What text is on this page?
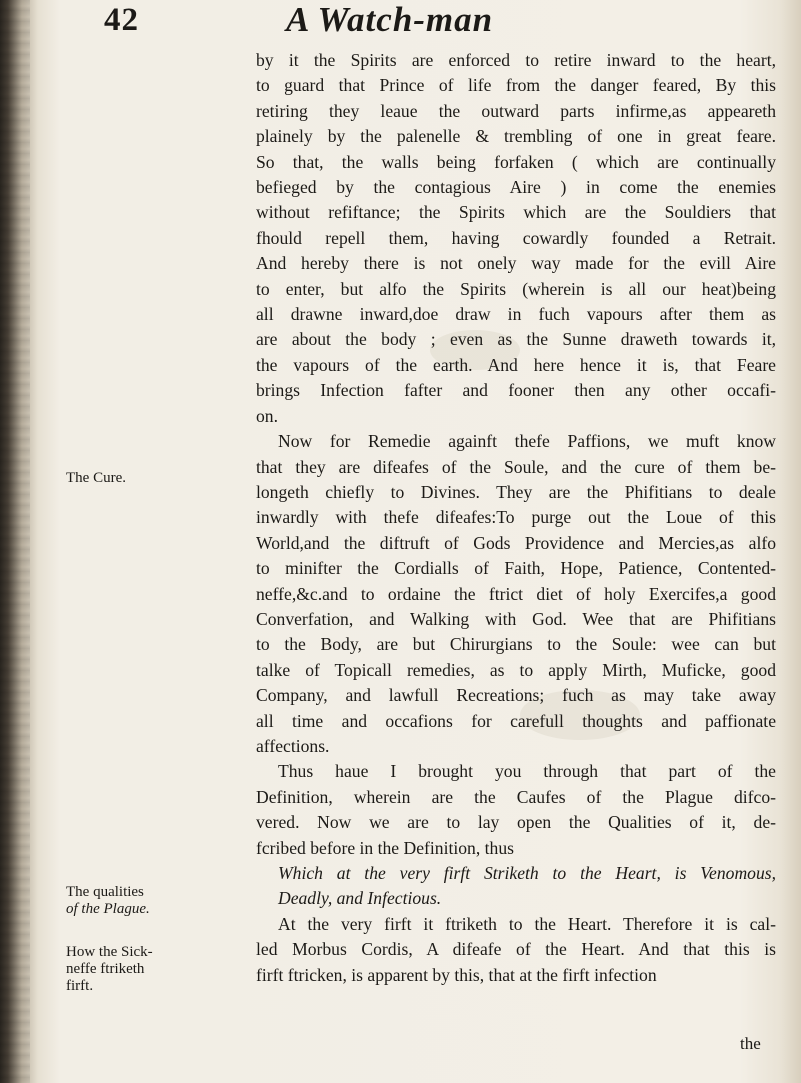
42	A Watch-man

by it the Spirits are enforced to retire inward to the heart,
to guard that Prince of life from the danger feared, By this
retiring they leaue the outward parts infirme,as appeareth
plainely by the palenelle & trembling of one in great feare.
So that, the walls being forfaken ( which are continually
befieged by the contagious Aire ) in come the enemies
without refiftance; the Spirits which are the Souldiers that
fhould repell them, having cowardly founded a Retrait.
And hereby there is not onely way made for the evill Aire
to enter, but alfo the Spirits (wherein is all our heat)being
all drawne inward,doe draw in fuch vapours after them as
are about the body ; even as the Sunne draweth towards it,
the vapours of the earth. And here hence it is, that Feare
brings Infection fafter and fooner then any other occafi-
on.

Now for Remedie againft thefe Paffions, we muft know
that they are difeafes of the Soule, and the cure of them be-
longeth chiefly to Divines. They are the Phifitians to deale
inwardly with thefe difeafes:To purge out the Loue of this
World,and the diftruft of Gods Providence and Mercies,as alfo
to minifter the Cordialls of Faith, Hope, Patience, Contented-
neffe,&c.and to ordaine the ftrict diet of holy Exercifes,a good
Converfation, and Walking with God. Wee that are Phifitians
to the Body, are but Chirurgians to the Soule: wee can but
talke of Topicall remedies, as to apply Mirth, Muficke, good
Company, and lawfull Recreations; fuch as may take away
all time and occafions for carefull thoughts and paffionate
affections.

Thus haue I brought you through that part of the
Definition, wherein are the Caufes of the Plague difco-
vered. Now we are to lay open the Qualities of it, de-
fcribed before in the Definition, thus

Which at the very firft Striketh to the Heart, is Venomous,
Deadly, and Infectious.

At the very firft it ftriketh to the Heart. Therefore it is cal-
led Morbus Cordis, A difeafe of the Heart. And that this is
firft ftricken, is apparent by this, that at the firft infection

The Cure.
The qualities
of the Plague.
How the Sick-
neffe ftriketh
firft.
the
